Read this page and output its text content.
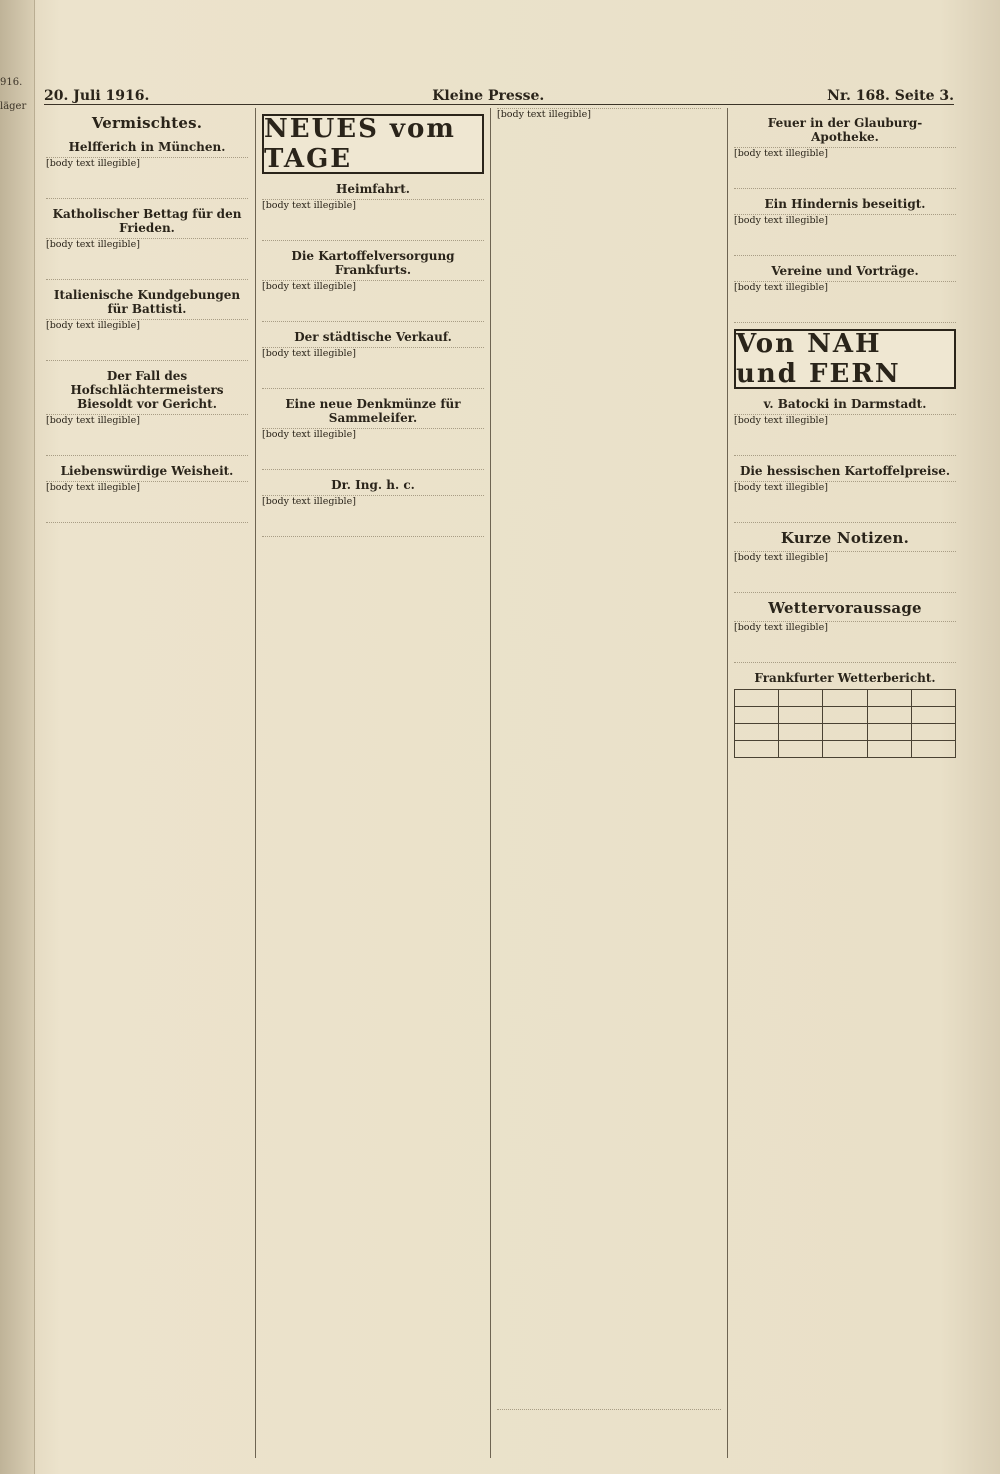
916.
läger
20. Juli 1916.	Kleine Presse.	Nr. 168. Seite 3.
Vermischtes.
Helfferich in München.

[body text illegible]

Katholischer Bettag für den Frieden.

[body text illegible]

Italienische Kundgebungen für Battisti.

[body text illegible]

Der Fall des Hofschlächtermeisters Biesoldt vor Gericht.

[body text illegible]

Liebenswürdige Weisheit.

[body text illegible]

NEUES vom TAGE
Heimfahrt.

[body text illegible]

Die Kartoffelversorgung Frankfurts.

[body text illegible]

Der städtische Verkauf.

[body text illegible]

Eine neue Denkmünze für Sammeleifer.

[body text illegible]

Dr. Ing. h. c.

[body text illegible]

[body text illegible]

Feuer in der Glauburg-Apotheke.

[body text illegible]

Ein Hindernis beseitigt.

[body text illegible]

Vereine und Vorträge.

[body text illegible]

Von NAH und FERN
v. Batocki in Darmstadt.

[body text illegible]

Die hessischen Kartoffelpreise.

[body text illegible]

Kurze Notizen.

[body text illegible]

Wettervoraussage

[body text illegible]

Frankfurter Wetterbericht.
